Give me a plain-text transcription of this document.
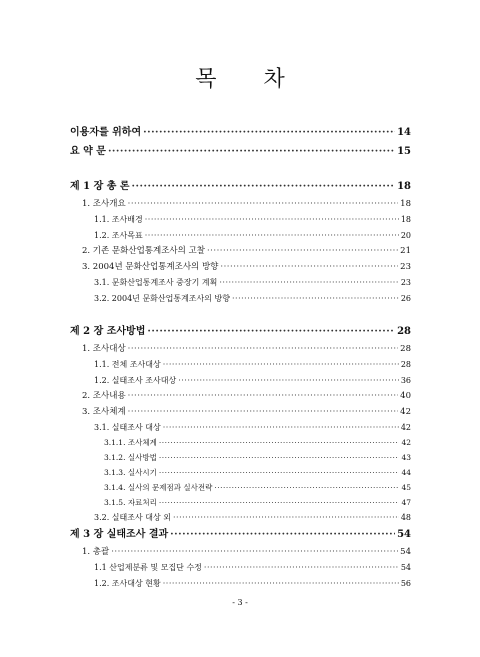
목 차
이용자를 위하여 ·····	14
요 약 문 ·····	15
제 1 장 총 론 ·····	18
1. 조사개요 ·····	18
1.1. 조사배경 ·····	18
1.2. 조사목표 ·····	20
2. 기존 문화산업통계조사의 고찰 ·····	21
3. 2004년 문화산업통계조사의 방향 ·····	23
3.1. 문화산업통계조사 중장기 계획 ·····	23
3.2. 2004년 문화산업통계조사의 방향 ·····	26
제 2 장 조사방법 ·····	28
1. 조사대상 ·····	28
1.1. 전체 조사대상 ·····	28
1.2. 실태조사 조사대상 ·····	36
2. 조사내용 ·····	40
3. 조사체계 ·····	42
3.1. 실태조사 대상 ·····	42
3.1.1. 조사체계 ·····	42
3.1.2. 실사방법 ·····	43
3.1.3. 실사시기 ·····	44
3.1.4. 실사의 문제점과 실사전략 ·····	45
3.1.5. 자료처리 ·····	47
3.2. 실태조사 대상 외 ·····	48
제 3 장 실태조사 결과 ·····	54
1. 총괄 ·····	54
1.1 산업제분류 및 모집단 수정 ·····	54
1.2. 조사대상 현황 ·····	56
- 3 -
